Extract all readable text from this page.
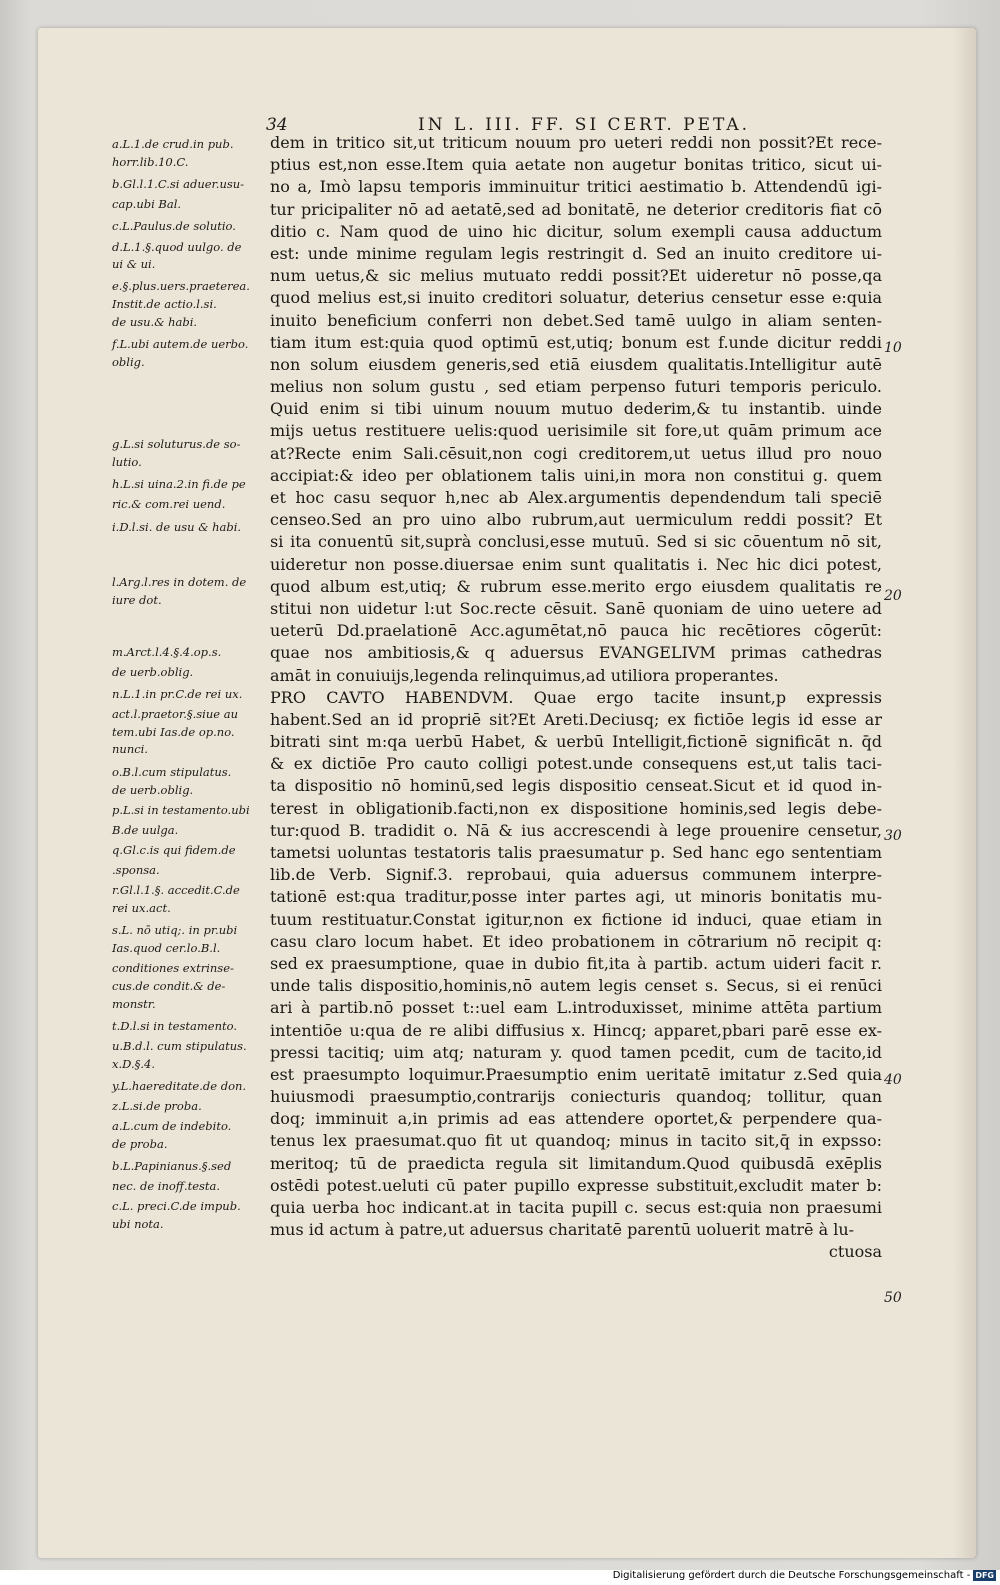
34	IN L. III. FF. SI CERT. PETA.
a.L.1.de crud.in pub.
horr.lib.10.C.
b.Gl.l.1.C.si aduer.usu-
cap.ubi Bal.
c.L.Paulus.de solutio.
d.L.1.§.quod uulgo. de
ui & ui.
e.§.plus.uers.praeterea.
Instit.de actio.l.si.
de usu.& habi.
f.L.ubi autem.de uerbo.
oblig.
g.L.si soluturus.de so-
lutio.
h.L.si uina.2.in fi.de pe
ric.& com.rei uend.
i.D.l.si. de usu & habi.
l.Arg.l.res in dotem. de
iure dot.
m.Arct.l.4.§.4.op.s.
de uerb.oblig.
n.L.1.in pr.C.de rei ux.
act.l.praetor.§.siue au
tem.ubi Ias.de op.no.
nunci.
o.B.l.cum stipulatus.
de uerb.oblig.
p.L.si in testamento.ubi
B.de uulga.
q.Gl.c.is qui fidem.de
.sponsa.
r.Gl.l.1.§. accedit.C.de
rei ux.act.
s.L. nō utiq;. in pr.ubi
Ias.quod cer.lo.B.l.
conditiones extrinse-
cus.de condit.& de-
monstr.
t.D.l.si in testamento.
u.B.d.l. cum stipulatus.
x.D.§.4.
y.L.haereditate.de don.
z.L.si.de proba.
a.L.cum de indebito.
de proba.
b.L.Papinianus.§.sed
nec. de inoff.testa.
c.L. preci.C.de impub.
ubi nota.
dem in tritico sit,ut triticum nouum pro ueteri reddi non possit?Et rece-
ptius est,non esse.Item quia aetate non augetur bonitas tritico, sicut ui-
no a, Imò lapsu temporis imminuitur tritici aestimatio b. Attendendū igi-
tur pricipaliter nō ad aetatē,sed ad bonitatē, ne deterior creditoris fiat cō
ditio c. Nam quod de uino hic dicitur, solum exempli causa adductum
est: unde minime regulam legis restringit d. Sed an inuito creditore ui-
num uetus,& sic melius mutuato reddi possit?Et uideretur nō posse,qa
quod melius est,si inuito creditori soluatur, deterius censetur esse e:quia
inuito beneficium conferri non debet.Sed tamē uulgo in aliam senten-
tiam itum est:quia quod optimū est,utiq; bonum est f.unde dicitur reddi
non solum eiusdem generis,sed etiā eiusdem qualitatis.Intelligitur autē
melius non solum gustu , sed etiam perpenso futuri temporis periculo.
Quid enim si tibi uinum nouum mutuo dederim,& tu instantib. uinde
mijs uetus restituere uelis:quod uerisimile sit fore,ut quām primum ace
at?Recte enim Sali.cēsuit,non cogi creditorem,ut uetus illud pro nouo
accipiat:& ideo per oblationem talis uini,in mora non constitui g. quem
et hoc casu sequor h,nec ab Alex.argumentis dependendum tali speciē
censeo.Sed an pro uino albo rubrum,aut uermiculum reddi possit? Et
si ita conuentū sit,suprà conclusi,esse mutuū. Sed si sic cōuentum nō sit,
uideretur non posse.diuersae enim sunt qualitatis i. Nec hic dici potest,
quod album est,utiq; & rubrum esse.merito ergo eiusdem qualitatis re
stitui non uidetur l:ut Soc.recte cēsuit. Sanē quoniam de uino uetere ad
ueterū Dd.praelationē Acc.agumētat,nō pauca hic recētiores cōgerūt:
quae nos ambitiosis,& q aduersus EVANGELIVM primas cathedras
amāt in conuiuijs,legenda relinquimus,ad utiliora properantes.
PRO CAVTO HABENDVM. Quae ergo tacite insunt,p expressis
habent.Sed an id propriē sit?Et Areti.Deciusq; ex fictiōe legis id esse ar
bitrati sint m:qa uerbū Habet, & uerbū Intelligit,fictionē significāt n. q̄d
& ex dictiōe Pro cauto colligi potest.unde consequens est,ut talis taci-
ta dispositio nō hominū,sed legis dispositio censeat.Sicut et id quod in-
terest in obligationib.facti,non ex dispositione hominis,sed legis debe-
tur:quod B. tradidit o. Nā & ius accrescendi à lege prouenire censetur,
tametsi uoluntas testatoris talis praesumatur p. Sed hanc ego sententiam
lib.de Verb. Signif.3. reprobaui, quia aduersus communem interpre-
tationē est:qua traditur,posse inter partes agi, ut minoris bonitatis mu-
tuum restituatur.Constat igitur,non ex fictione id induci, quae etiam in
casu claro locum habet. Et ideo probationem in cōtrarium nō recipit q:
sed ex praesumptione, quae in dubio fit,ita à partib. actum uideri facit r.
unde talis dispositio,hominis,nō autem legis censet s. Secus, si ei renūci
ari à partib.nō posset t::uel eam L.introduxisset, minime attēta partium
intentiōe u:qua de re alibi diffusius x. Hincq; apparet,pbari parē esse ex-
pressi tacitiq; uim atq; naturam y. quod tamen pcedit, cum de tacito,id
est praesumpto loquimur.Praesumptio enim ueritatē imitatur z.Sed quia
huiusmodi praesumptio,contrarijs coniecturis quandoq; tollitur, quan
doq; imminuit a,in primis ad eas attendere oportet,& perpendere qua-
tenus lex praesumat.quo fit ut quandoq; minus in tacito sit,q̄ in expsso:
meritoq; tū de praedicta regula sit limitandum.Quod quibusdā exēplis
ostēdi potest.ueluti cū pater pupillo expresse substituit,excludit mater b:
quia uerba hoc indicant.at in tacita pupill c. secus est:quia non praesumi
mus id actum à patre,ut aduersus charitatē parentū uoluerit matrē à lu-
ctuosa
10
20
30
40
50
Digitalisierung gefördert durch die Deutsche Forschungsgemeinschaft - DFG
